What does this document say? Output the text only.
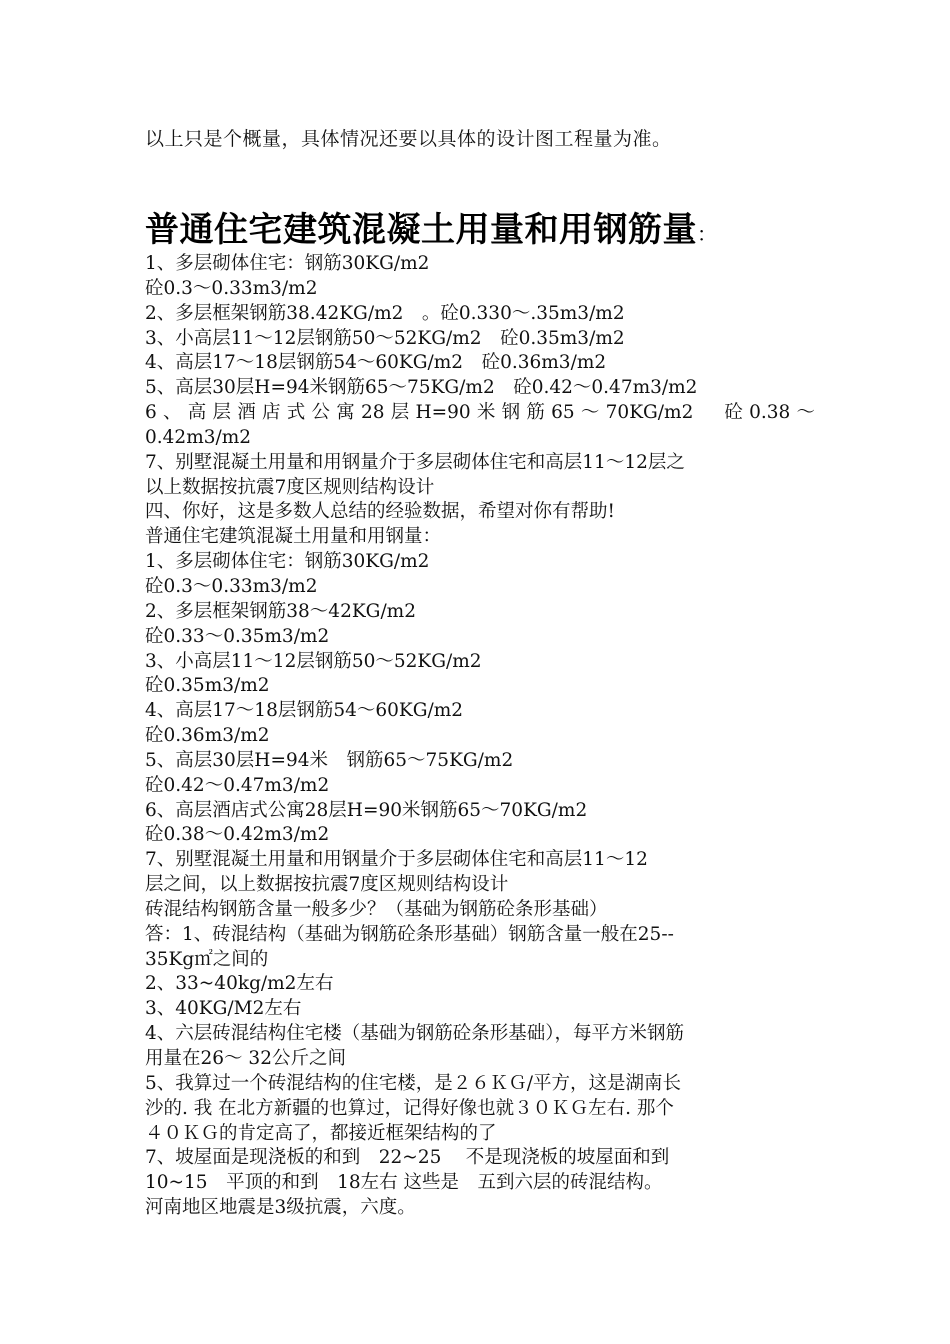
以上只是个概量，具体情况还要以具体的设计图工程量为准。
普通住宅建筑混凝土用量和用钢筋量：
1、多层砌体住宅：钢筋30KG/m2
砼0.3～0.33m3/m2
2、多层框架钢筋38.42KG/m2　。砼0.330～.35m3/m2
3、小高层11～12层钢筋50～52KG/m2　砼0.35m3/m2
4、高层17～18层钢筋54～60KG/m2　砼0.36m3/m2
5、高层30层H=94米钢筋65～75KG/m2　砼0.42～0.47m3/m2
6、高层酒店式公寓28层H=90米钢筋65～70KG/m2　砼0.38～
0.42m3/m2
7、别墅混凝土用量和用钢量介于多层砌体住宅和高层11～12层之
以上数据按抗震7度区规则结构设计
四、你好，这是多数人总结的经验数据，希望对你有帮助!
普通住宅建筑混凝土用量和用钢量：
1、多层砌体住宅：钢筋30KG/m2
砼0.3～0.33m3/m2
2、多层框架钢筋38～42KG/m2
砼0.33～0.35m3/m2
3、小高层11～12层钢筋50～52KG/m2
砼0.35m3/m2
4、高层17～18层钢筋54～60KG/m2
砼0.36m3/m2
5、高层30层H=94米　钢筋65～75KG/m2
砼0.42～0.47m3/m2
6、高层酒店式公寓28层H=90米钢筋65～70KG/m2
砼0.38～0.42m3/m2
7、别墅混凝土用量和用钢量介于多层砌体住宅和高层11～12
层之间，以上数据按抗震7度区规则结构设计
砖混结构钢筋含量一般多少？（基础为钢筋砼条形基础）
答：1、砖混结构（基础为钢筋砼条形基础）钢筋含量一般在25--
35Kg㎡之间的
2、33~40kg/m2左右
3、40KG/M2左右
4、六层砖混结构住宅楼（基础为钢筋砼条形基础），每平方米钢筋
用量在26～ 32公斤之间
5、我算过一个砖混结构的住宅楼，是２６ＫＧ/平方，这是湖南长
沙的. 我 在北方新疆的也算过，记得好像也就３０ＫＧ左右. 那个
４０ＫＧ的肯定高了，都接近框架结构的了
7、坡屋面是现浇板的和到　22~25　 不是现浇板的坡屋面和到
10~15　平顶的和到　18左右 这些是　五到六层的砖混结构。
河南地区地震是3级抗震，六度。
